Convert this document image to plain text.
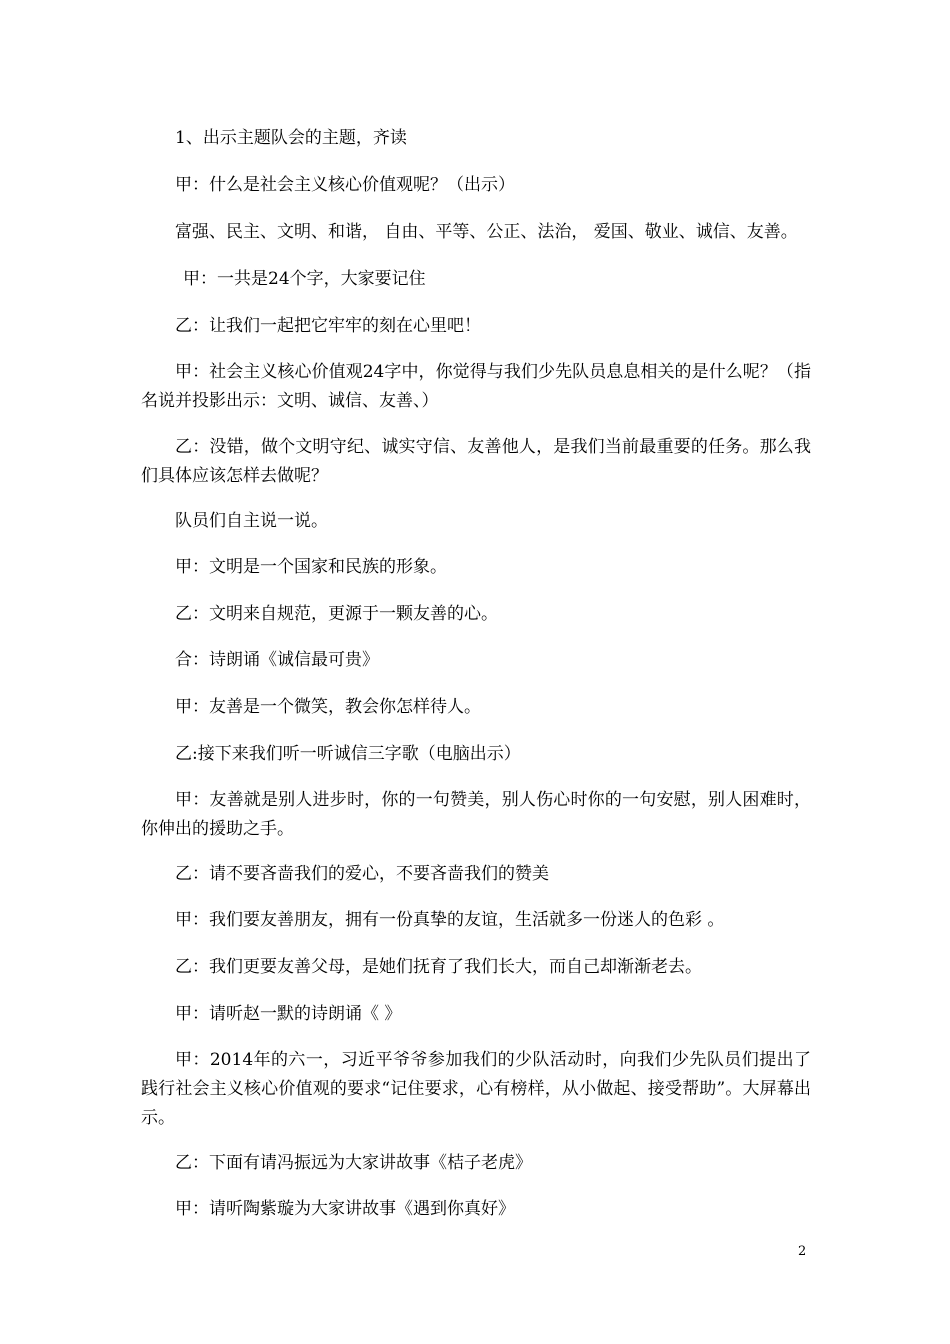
1、出示主题队会的主题，齐读

甲：什么是社会主义核心价值观呢？（出示）

富强、民主、文明、和谐， 自由、平等、公正、法治， 爱国、敬业、诚信、友善。

甲：一共是24个字，大家要记住

乙：让我们一起把它牢牢的刻在心里吧！

甲：社会主义核心价值观24字中，你觉得与我们少先队员息息相关的是什么呢？（指名说并投影出示：文明、诚信、友善、）

乙：没错，做个文明守纪、诚实守信、友善他人，是我们当前最重要的任务。那么我们具体应该怎样去做呢？

队员们自主说一说。

甲：文明是一个国家和民族的形象。

乙：文明来自规范，更源于一颗友善的心。

合：诗朗诵《诚信最可贵》

甲：友善是一个微笑，教会你怎样待人。

乙:接下来我们听一听诚信三字歌（电脑出示）

甲：友善就是别人进步时，你的一句赞美，别人伤心时你的一句安慰，别人困难时，你伸出的援助之手。

乙：请不要吝啬我们的爱心，不要吝啬我们的赞美

甲：我们要友善朋友，拥有一份真挚的友谊，生活就多一份迷人的色彩 。

乙：我们更要友善父母，是她们抚育了我们长大，而自己却渐渐老去。

甲：请听赵一默的诗朗诵《 》

甲：2014年的六一，习近平爷爷参加我们的少队活动时，向我们少先队员们提出了践行社会主义核心价值观的要求“记住要求，心有榜样，从小做起、接受帮助”。大屏幕出示。

乙：下面有请冯振远为大家讲故事《桔子老虎》

甲：请听陶紫璇为大家讲故事《遇到你真好》

2
